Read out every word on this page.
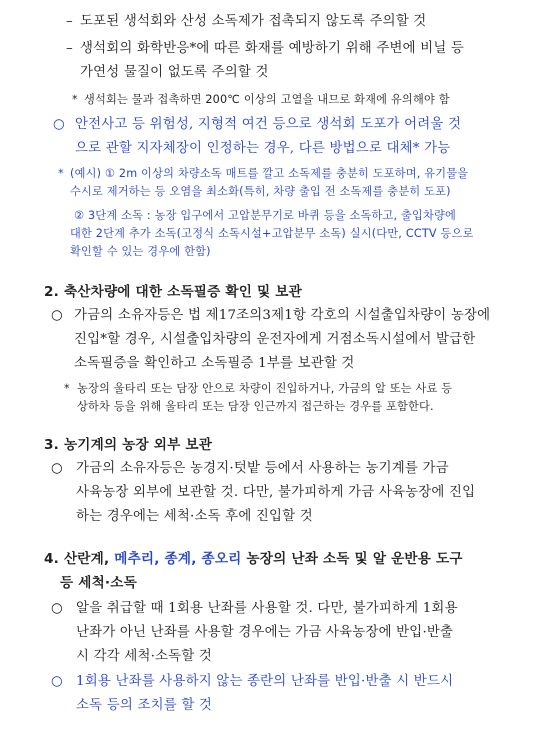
– 도포된 생석회와 산성 소독제가 접촉되지 않도록 주의할 것
– 생석회의 화학반응*에 따른 화재를 예방하기 위해 주변에 비닐 등
가연성 물질이 없도록 주의할 것
* 생석회는 물과 접촉하면 200℃ 이상의 고열을 내므로 화재에 유의해야 함
○ 안전사고 등 위험성, 지형적 여건 등으로 생석회 도포가 어려울 것
으로 관할 지자체장이 인정하는 경우, 다른 방법으로 대체* 가능
* (예시) ① 2m 이상의 차량소독 매트를 깔고 소독제를 충분히 도포하며, 유기물을
수시로 제거하는 등 오염을 최소화(특히, 차량 출입 전 소독제를 충분히 도포)
② 3단계 소독 : 농장 입구에서 고압분무기로 바퀴 등을 소독하고, 출입차량에
대한 2단계 추가 소독(고정식 소독시설+고압분무 소독) 실시(다만, CCTV 등으로
확인할 수 있는 경우에 한함)
2. 축산차량에 대한 소독필증 확인 및 보관
○ 가금의 소유자등은 법 제17조의3제1항 각호의 시설출입차량이 농장에
진입*할 경우, 시설출입차량의 운전자에게 거점소독시설에서 발급한
소독필증을 확인하고 소독필증 1부를 보관할 것
* 농장의 울타리 또는 담장 안으로 차량이 진입하거나, 가금의 알 또는 사료 등
상하차 등을 위해 울타리 또는 담장 인근까지 접근하는 경우를 포함한다.
3. 농기계의 농장 외부 보관
○ 가금의 소유자등은 농경지·텃밭 등에서 사용하는 농기계를 가금
사육농장 외부에 보관할 것. 다만, 불가피하게 가금 사육농장에 진입
하는 경우에는 세척·소독 후에 진입할 것
4. 산란계, 메추리, 종계, 종오리 농장의 난좌 소독 및 알 운반용 도구
등 세척·소독
○ 알을 취급할 때 1회용 난좌를 사용할 것. 다만, 불가피하게 1회용
난좌가 아닌 난좌를 사용할 경우에는 가금 사육농장에 반입·반출
시 각각 세척·소독할 것
○ 1회용 난좌를 사용하지 않는 종란의 난좌를 반입·반출 시 반드시
소독 등의 조치를 할 것
